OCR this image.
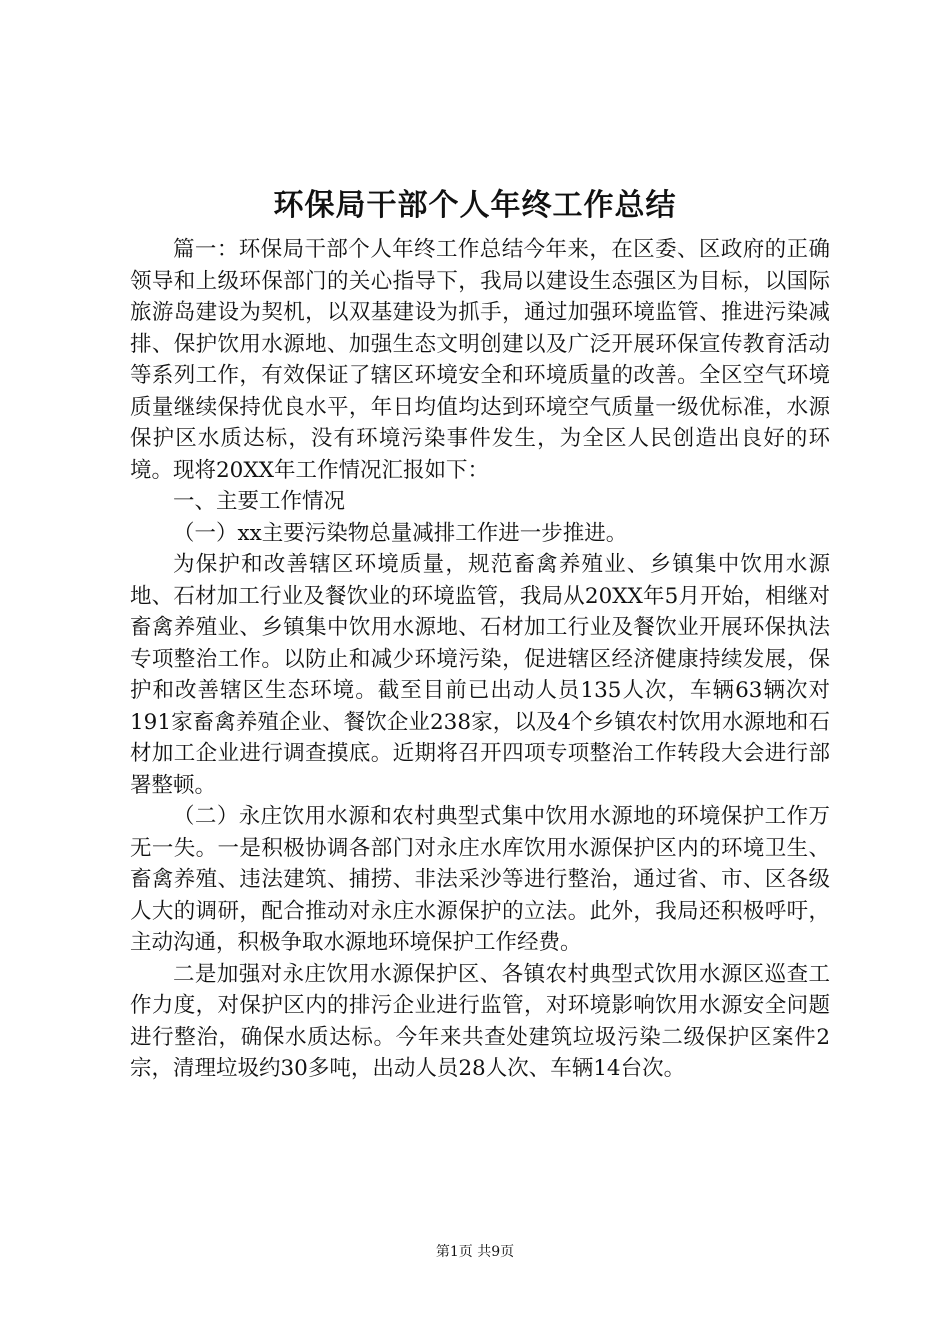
环保局干部个人年终工作总结

篇一：环保局干部个人年终工作总结今年来，在区委、区政府的正确领导和上级环保部门的关心指导下，我局以建设生态强区为目标，以国际旅游岛建设为契机，以双基建设为抓手，通过加强环境监管、推进污染减排、保护饮用水源地、加强生态文明创建以及广泛开展环保宣传教育活动等系列工作，有效保证了辖区环境安全和环境质量的改善。全区空气环境质量继续保持优良水平，年日均值均达到环境空气质量一级优标准，水源保护区水质达标，没有环境污染事件发生，为全区人民创造出良好的环境。现将20XX年工作情况汇报如下：

一、主要工作情况

（一）xx主要污染物总量减排工作进一步推进。

为保护和改善辖区环境质量，规范畜禽养殖业、乡镇集中饮用水源地、石材加工行业及餐饮业的环境监管，我局从20XX年5月开始，相继对畜禽养殖业、乡镇集中饮用水源地、石材加工行业及餐饮业开展环保执法专项整治工作。以防止和减少环境污染，促进辖区经济健康持续发展，保护和改善辖区生态环境。截至目前已出动人员135人次，车辆63辆次对191家畜禽养殖企业、餐饮企业238家，以及4个乡镇农村饮用水源地和石材加工企业进行调查摸底。近期将召开四项专项整治工作转段大会进行部署整顿。

（二）永庄饮用水源和农村典型式集中饮用水源地的环境保护工作万无一失。一是积极协调各部门对永庄水库饮用水源保护区内的环境卫生、畜禽养殖、违法建筑、捕捞、非法采沙等进行整治，通过省、市、区各级人大的调研，配合推动对永庄水源保护的立法。此外，我局还积极呼吁，主动沟通，积极争取水源地环境保护工作经费。

二是加强对永庄饮用水源保护区、各镇农村典型式饮用水源区巡查工作力度，对保护区内的排污企业进行监管，对环境影响饮用水源安全问题进行整治，确保水质达标。今年来共查处建筑垃圾污染二级保护区案件2宗，清理垃圾约30多吨，出动人员28人次、车辆14台次。

第1页 共9页
